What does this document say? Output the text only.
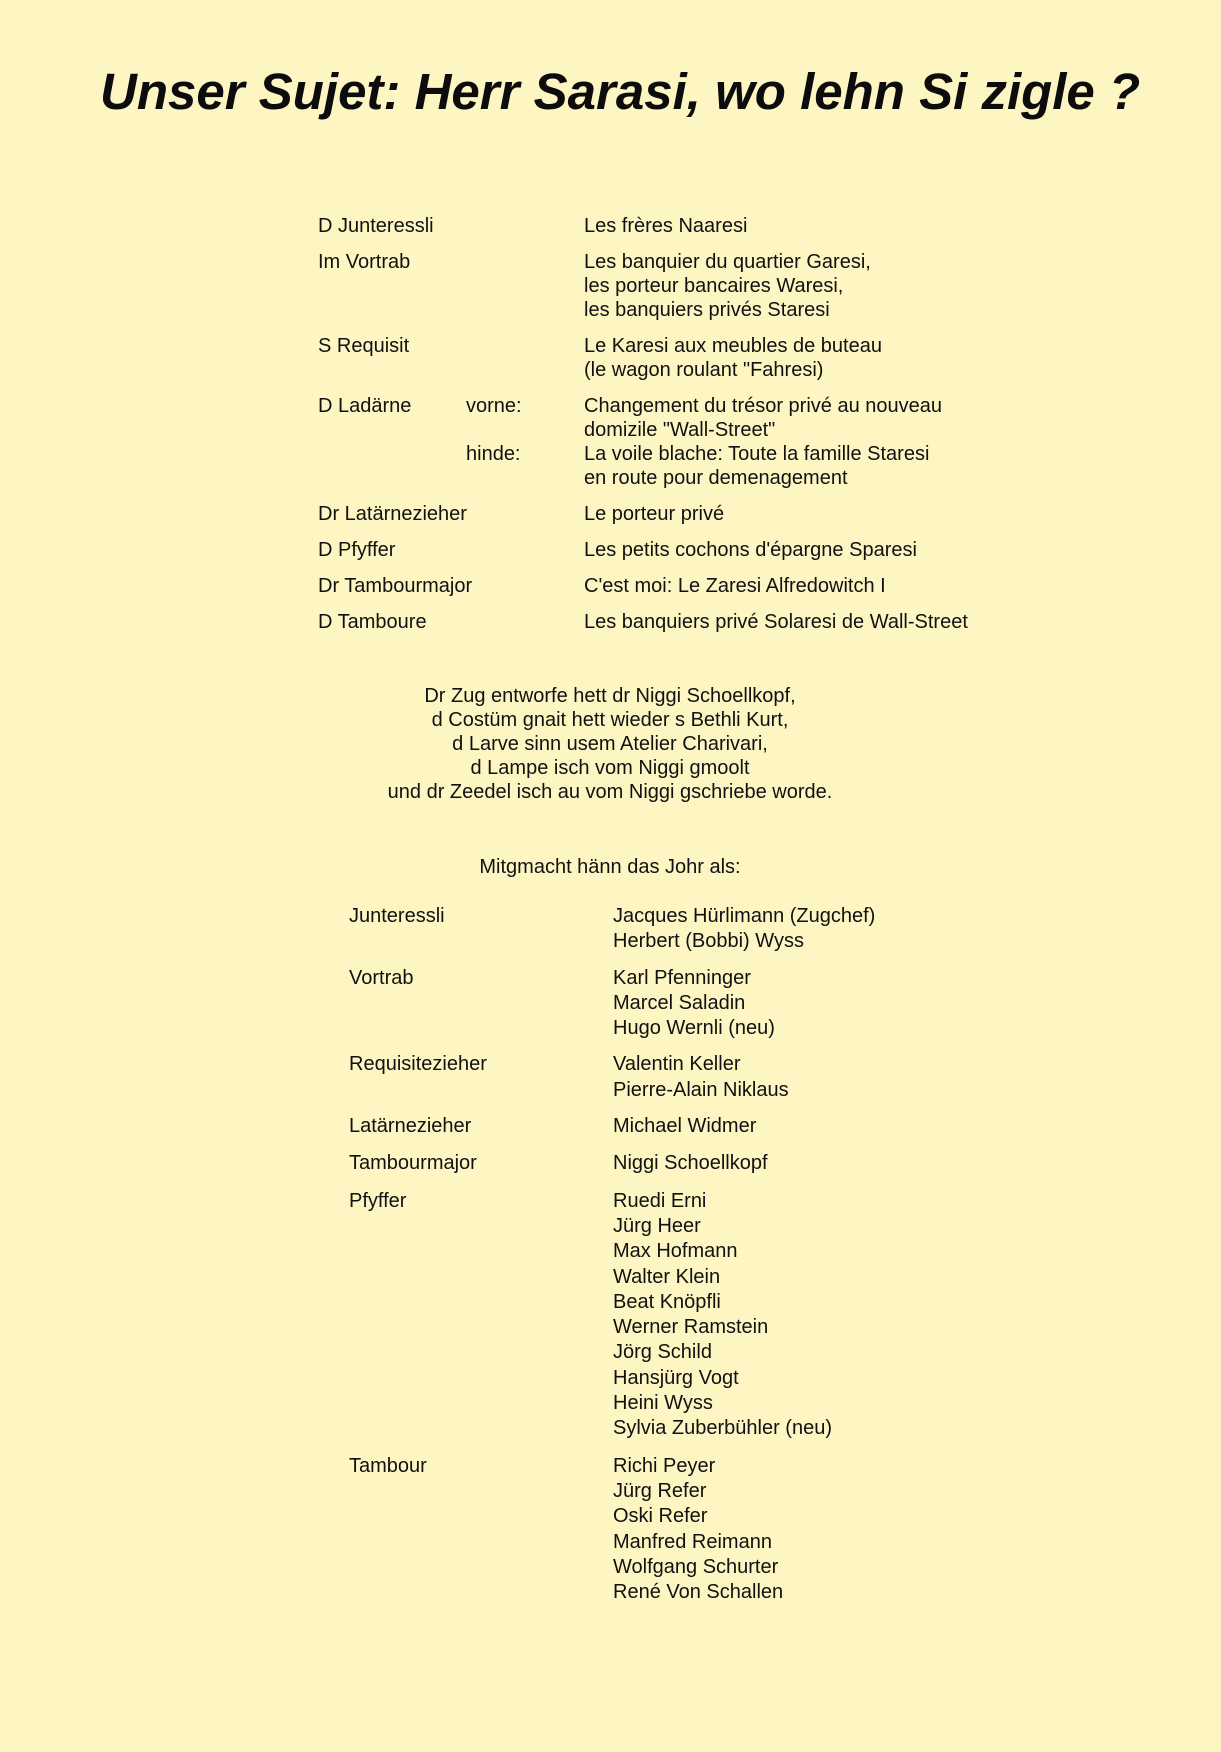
Unser Sujet: Herr Sarasi, wo lehn Si zigle ?
D Junteressli	Les frères Naaresi
Im Vortrab	Les banquier du quartier Garesi,
les porteur bancaires Waresi,
les banquiers privés Staresi
S Requisit	Le Karesi aux meubles de buteau
(le wagon roulant "Fahresi)
D Ladärne	vorne:	Changement du trésor privé au nouveau
domizile "Wall-Street"
hinde:	La voile blache: Toute la famille Staresi
en route pour demenagement
Dr Latärnezieher	Le porteur privé
D Pfyffer	Les petits cochons d'épargne Sparesi
Dr Tambourmajor	C'est moi: Le Zaresi Alfredowitch I
D Tamboure	Les banquiers privé Solaresi de Wall-Street
Dr Zug entworfe hett dr Niggi Schoellkopf,
d Costüm gnait hett wieder s Bethli Kurt,
d Larve sinn usem Atelier Charivari,
d Lampe isch vom Niggi gmoolt
und dr Zeedel isch au vom Niggi gschriebe worde.
Mitgmacht hänn das Johr als:
Junteressli	Jacques Hürlimann (Zugchef)
Herbert (Bobbi) Wyss
Vortrab	Karl Pfenninger
Marcel Saladin
Hugo Wernli (neu)
Requisitezieher	Valentin Keller
Pierre-Alain Niklaus
Latärnezieher	Michael Widmer
Tambourmajor	Niggi Schoellkopf
Pfyffer	Ruedi Erni
Jürg Heer
Max Hofmann
Walter Klein
Beat Knöpfli
Werner Ramstein
Jörg Schild
Hansjürg Vogt
Heini Wyss
Sylvia Zuberbühler (neu)
Tambour	Richi Peyer
Jürg Refer
Oski Refer
Manfred Reimann
Wolfgang Schurter
René Von Schallen
